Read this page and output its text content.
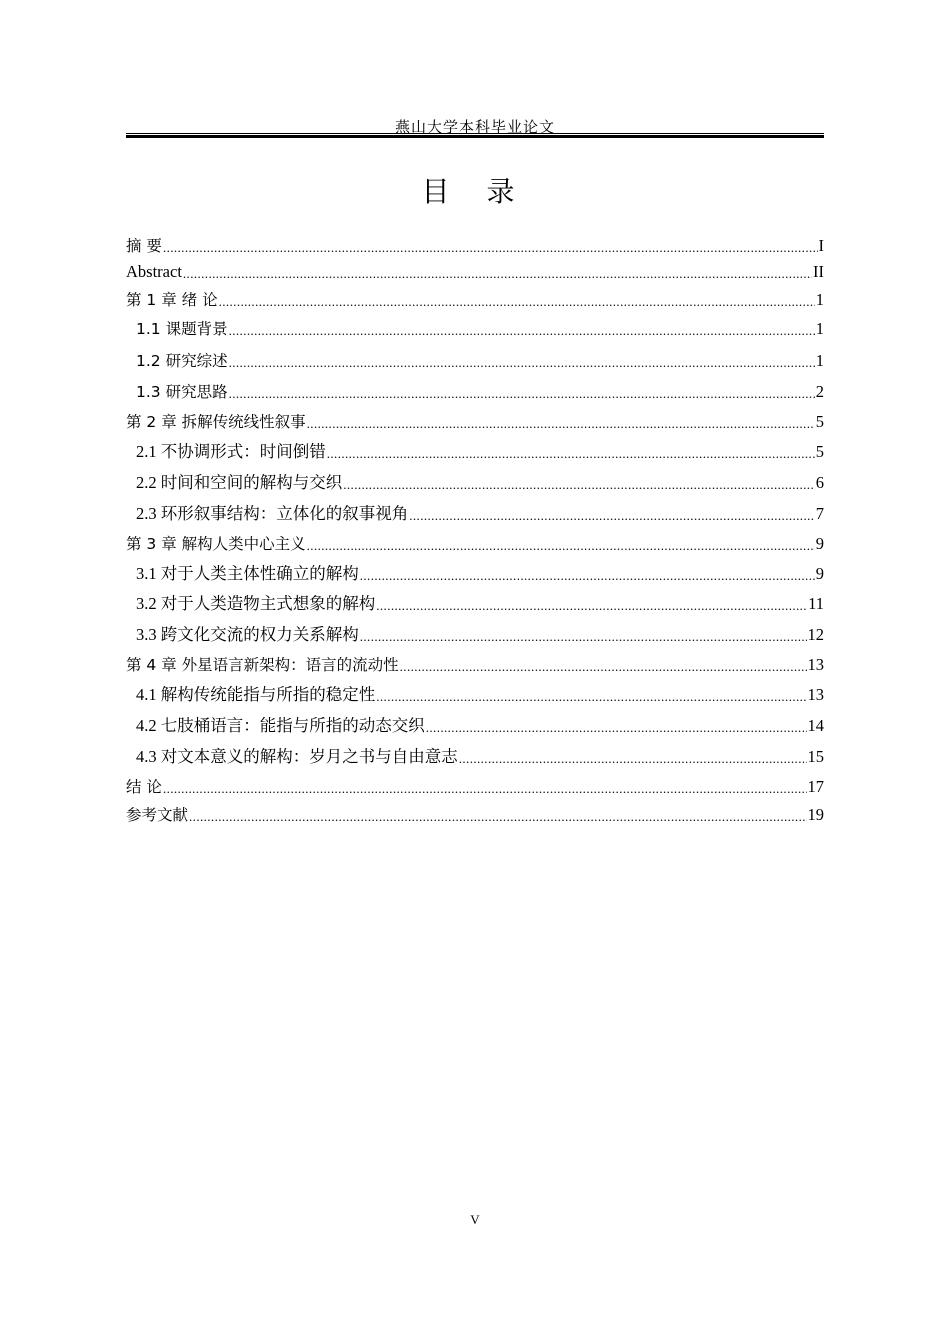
燕山大学本科毕业论文
目 录
摘 要 .....	I
Abstract .....	II
第 1 章 绪 论 .....	1
1.1 课题背景 .....	1
1.2 研究综述 .....	1
1.3 研究思路 .....	2
第 2 章 拆解传统线性叙事 .....	5
2.1 不协调形式：时间倒错 .....	5
2.2 时间和空间的解构与交织 .....	6
2.3 环形叙事结构：立体化的叙事视角 .....	7
第 3 章 解构人类中心主义 .....	9
3.1 对于人类主体性确立的解构 .....	9
3.2 对于人类造物主式想象的解构 .....	11
3.3 跨文化交流的权力关系解构 .....	12
第 4 章 外星语言新架构：语言的流动性 .....	13
4.1 解构传统能指与所指的稳定性 .....	13
4.2 七肢桶语言：能指与所指的动态交织 .....	14
4.3 对文本意义的解构：岁月之书与自由意志 .....	15
结 论 .....	17
参考文献 .....	19
V
